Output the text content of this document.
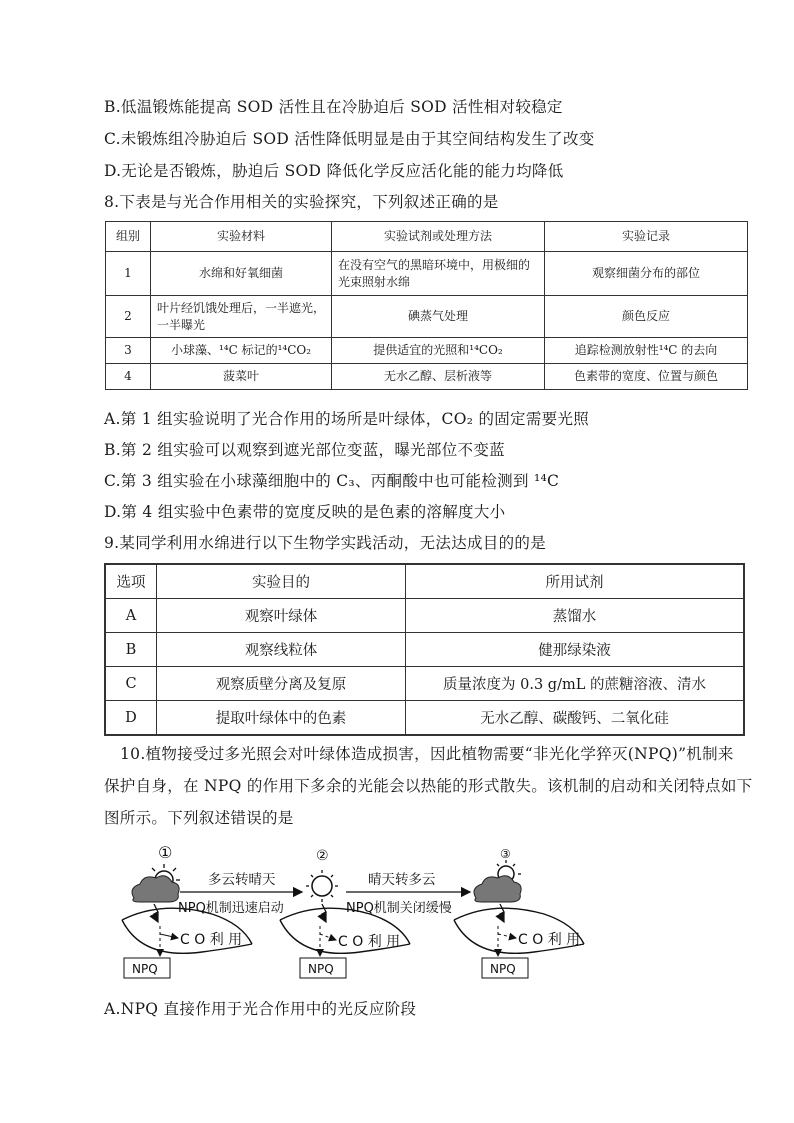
B.低温锻炼能提高 SOD 活性且在冷胁迫后 SOD 活性相对较稳定
C.未锻炼组冷胁迫后 SOD 活性降低明显是由于其空间结构发生了改变
D.无论是否锻炼，胁迫后 SOD 降低化学反应活化能的能力均降低
8.下表是与光合作用相关的实验探究，下列叙述正确的是
组别	实验材料	实验试剂或处理方法	实验记录
1	水绵和好氧细菌	在没有空气的黑暗环境中，用极细的光束照射水绵	观察细菌分布的部位
2	叶片经饥饿处理后，一半遮光，一半曝光	碘蒸气处理	颜色反应
3	小球藻、¹⁴C 标记的¹⁴CO₂	提供适宜的光照和¹⁴CO₂	追踪检测放射性¹⁴C 的去向
4	菠菜叶	无水乙醇、层析液等	色素带的宽度、位置与颜色
A.第 1 组实验说明了光合作用的场所是叶绿体，CO₂ 的固定需要光照
B.第 2 组实验可以观察到遮光部位变蓝，曝光部位不变蓝
C.第 3 组实验在小球藻细胞中的 C₃、丙酮酸中也可能检测到 ¹⁴C
D.第 4 组实验中色素带的宽度反映的是色素的溶解度大小
9.某同学利用水绵进行以下生物学实践活动，无法达成目的的是
选项	实验目的	所用试剂
A	观察叶绿体	蒸馏水
B	观察线粒体	健那绿染液
C	观察质壁分离及复原	质量浓度为 0.3 g/mL 的蔗糖溶液、清水
D	提取叶绿体中的色素	无水乙醇、碳酸钙、二氧化硅
10.植物接受过多光照会对叶绿体造成损害，因此植物需要“非光化学猝灭(NPQ)”机制来
保护自身，在 NPQ 的作用下多余的光能会以热能的形式散失。该机制的启动和关闭特点如下
图所示。下列叙述错误的是
①
C O 利 用
NPQ
多云转晴天
NPQ机制迅速启动
②
C O 利 用
NPQ
晴天转多云
NPQ机制关闭缓慢
③
C O 利 用
NPQ
A.NPQ 直接作用于光合作用中的光反应阶段
